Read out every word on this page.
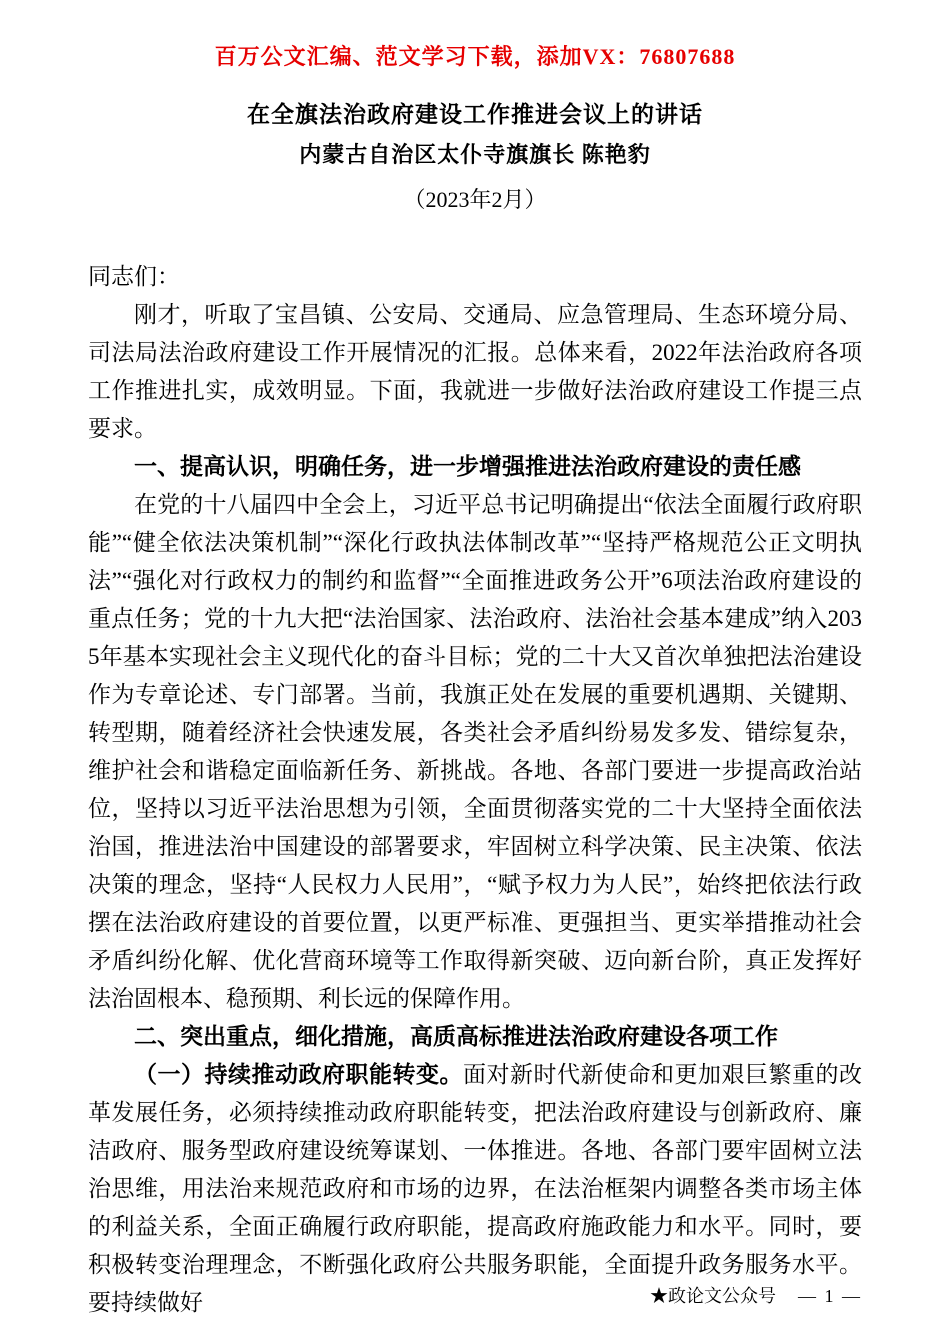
百万公文汇编、范文学习下载，添加VX：76807688
在全旗法治政府建设工作推进会议上的讲话
内蒙古自治区太仆寺旗旗长 陈艳豹
（2023年2月）

同志们：

刚才，听取了宝昌镇、公安局、交通局、应急管理局、生态环境分局、司法局法治政府建设工作开展情况的汇报。总体来看，2022年法治政府各项工作推进扎实，成效明显。下面，我就进一步做好法治政府建设工作提三点要求。

一、提高认识，明确任务，进一步增强推进法治政府建设的责任感

在党的十八届四中全会上，习近平总书记明确提出“依法全面履行政府职能”“健全依法决策机制”“深化行政执法体制改革”“坚持严格规范公正文明执法”“强化对行政权力的制约和监督”“全面推进政务公开”6项法治政府建设的重点任务；党的十九大把“法治国家、法治政府、法治社会基本建成”纳入2035年基本实现社会主义现代化的奋斗目标；党的二十大又首次单独把法治建设作为专章论述、专门部署。当前，我旗正处在发展的重要机遇期、关键期、转型期，随着经济社会快速发展，各类社会矛盾纠纷易发多发、错综复杂，维护社会和谐稳定面临新任务、新挑战。各地、各部门要进一步提高政治站位，坚持以习近平法治思想为引领，全面贯彻落实党的二十大坚持全面依法治国，推进法治中国建设的部署要求，牢固树立科学决策、民主决策、依法决策的理念，坚持“人民权力人民用”，“赋予权力为人民”，始终把依法行政摆在法治政府建设的首要位置，以更严标准、更强担当、更实举措推动社会矛盾纠纷化解、优化营商环境等工作取得新突破、迈向新台阶，真正发挥好法治固根本、稳预期、利长远的保障作用。

二、突出重点，细化措施，高质高标推进法治政府建设各项工作

（一）持续推动政府职能转变。面对新时代新使命和更加艰巨繁重的改革发展任务，必须持续推动政府职能转变，把法治政府建设与创新政府、廉洁政府、服务型政府建设统筹谋划、一体推进。各地、各部门要牢固树立法治思维，用法治来规范政府和市场的边界，在法治框架内调整各类市场主体的利益关系，全面正确履行政府职能，提高政府施政能力和水平。同时，要积极转变治理理念，不断强化政府公共服务职能，全面提升政务服务水平。要持续做好	★政论文公众号 — 1 —
